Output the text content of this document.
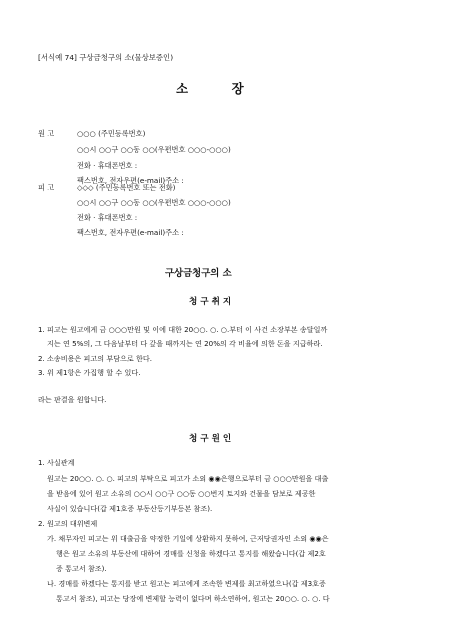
[서식예 74] 구상금청구의 소(물상보증인)
소          장
원 고	○○○ (주민등록번호)
○○시 ○○구 ○○동 ○○(우편번호 ○○○-○○○)
전화 · 휴대폰번호 :
팩스번호, 전자우편(e-mail)주소 :
피 고	◇◇◇ (주민등록번호 또는 전화)
○○시 ○○구 ○○동 ○○(우편번호 ○○○-○○○)
전화 · 휴대폰번호 :
팩스번호, 전자우편(e-mail)주소 :
구상금청구의 소
청 구 취 지
1. 피고는 원고에게 금 ○○○만원 및 이에 대한 20○○. ○. ○.부터 이 사건 소장부본 송달일까
지는 연 5%의, 그 다음날부터 다 갚을 때까지는 연 20%의 각 비율에 의한 돈을 지급하라.
2. 소송비용은 피고의 부담으로 한다.
3. 위 제1항은 가집행 할 수 있다.
라는 판결을 원합니다.
청 구 원 인
1. 사실관계
원고는 20○○. ○. ○. 피고의 부탁으로 피고가 소외 ◉◉은행으로부터 금 ○○○만원을 대출
을 받음에 있어 원고 소유의 ○○시 ○○구 ○○동 ○○번지 토지와 건물을 담보로 제공한
사실이 있습니다(갑 제1호증 부동산등기부등본 참조).
2. 원고의 대위변제
가. 채무자인 피고는 위 대출금을 약정한 기일에 상환하지 못하여, 근저당권자인 소외 ◉◉은
행은 원고 소유의 부동산에 대하여 경매를 신청을 하겠다고 통지를 해왔습니다(갑 제2호
증 통고서 참조).
나. 경매를 하겠다는 통지를 받고 원고는 피고에게 조속한 변제를 최고하였으나(갑 제3호증
통고서 참조), 피고는 당장에 변제할 능력이 없다며 하소연하여, 원고는 20○○. ○. ○. 다
